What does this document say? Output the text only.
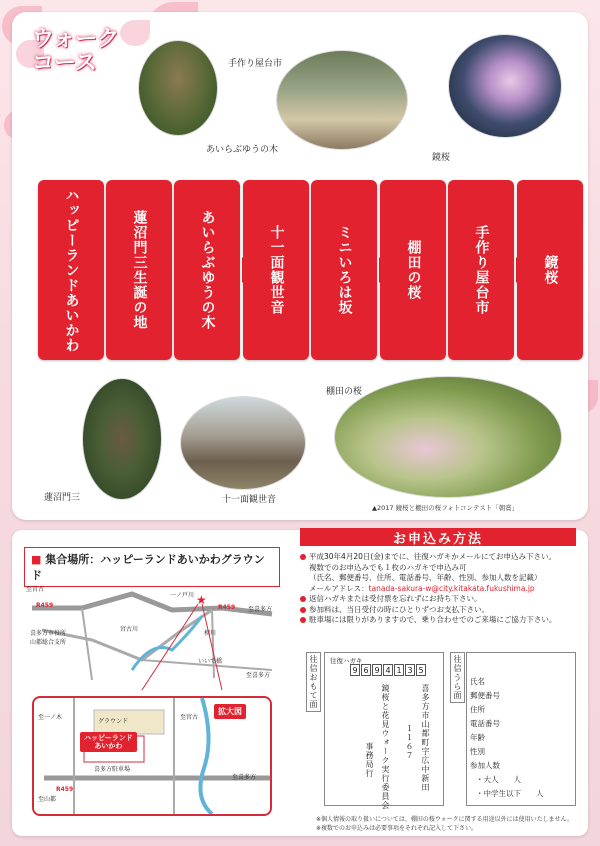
ウォーク
コース
あいらぶゆうの木
手作り屋台市
鏡桜
ハッピーランドあいかわ	蓮沼門三生誕の地	あいらぶゆうの木	十一面観世音	ミニいろは坂	棚田の桜	手作り屋台市	鏡桜
蓮沼門三	十一面観世音
棚田の桜
▲2017 鏡桜と棚田の桜フォトコンテスト「朝賞」
■ 集合場所：ハッピーランドあいかわグラウンド
★
至宮古
R459	R459
一ノ戸川
至喜多方
喜多方市役所
山都総合支所
宮古川
相川
いいで橋
至喜多方
拡大図
グラウンド
ハッピーランド
あいかわ
喜多方駐車場
R459
至喜多方
至一ノ木
至山都
至宮古
お申込み方法
平成30年4月20日(金)までに、往復ハガキかメールにてお申込み下さい。
複数でのお申込みでも１枚のハガキで申込み可
（氏名、郵便番号、住所、電話番号、年齢、性別、参加人数を記載）
メールアドレス：tanada-sakura-w@city.kitakata.fukushima.jp
返信ハガキまたは受付票を忘れずにお持ち下さい。
参加料は、当日受付の時にひとりずつお支払下さい。
駐車場には限りがありますので、乗り合わせでのご来場にご協力下さい。
往信おもて面	往復ハガキ
9 6 9 4 1 3 5
喜多方市山都町字広中新田
１１６７
鏡桜と花見ウォーク実行委員会
事務局行
往信うら面	氏名
郵便番号
住所
電話番号
年齢
性別
参加人数
・大人　　人
・中学生以下　　人
※個人情報の取り扱いについては、棚田の桜ウォークに関する用途以外には使用いたしません。
※複数でのお申込みは必要事項をそれぞれ記入して下さい。
